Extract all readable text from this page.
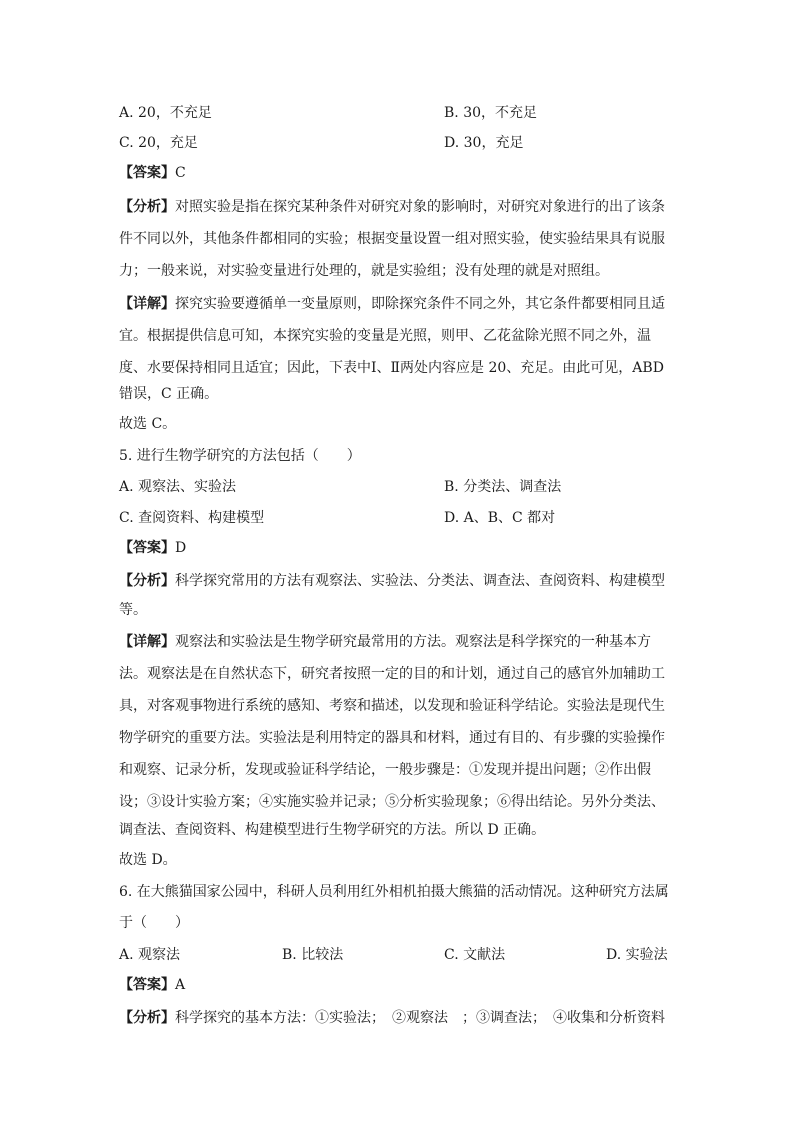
A. 20，不充足	B. 30，不充足
C. 20，充足	D. 30，充足
【答案】C
【分析】对照实验是指在探究某种条件对研究对象的影响时，对研究对象进行的出了该条
件不同以外，其他条件都相同的实验；根据变量设置一组对照实验，使实验结果具有说服
力；一般来说，对实验变量进行处理的，就是实验组；没有处理的就是对照组。
【详解】探究实验要遵循单一变量原则，即除探究条件不同之外，其它条件都要相同且适
宜。根据提供信息可知，本探究实验的变量是光照，则甲、乙花盆除光照不同之外，温
度、水要保持相同且适宜；因此，下表中Ⅰ、Ⅱ两处内容应是 20、充足。由此可见，ABD
错误，C 正确。
故选 C。
5. 进行生物学研究的方法包括（　　）
A. 观察法、实验法	B. 分类法、调查法
C. 查阅资料、构建模型	D. A、B、C 都对
【答案】D
【分析】科学探究常用的方法有观察法、实验法、分类法、调查法、查阅资料、构建模型
等。
【详解】观察法和实验法是生物学研究最常用的方法。观察法是科学探究的一种基本方
法。观察法是在自然状态下，研究者按照一定的目的和计划，通过自己的感官外加辅助工
具，对客观事物进行系统的感知、考察和描述，以发现和验证科学结论。实验法是现代生
物学研究的重要方法。实验法是利用特定的器具和材料，通过有目的、有步骤的实验操作
和观察、记录分析，发现或验证科学结论，一般步骤是：①发现并提出问题；②作出假
设；③设计实验方案；④实施实验并记录；⑤分析实验现象；⑥得出结论。另外分类法、
调查法、查阅资料、构建模型进行生物学研究的方法。所以 D 正确。
故选 D。
6. 在大熊猫国家公园中，科研人员利用红外相机拍摄大熊猫的活动情况。这种研究方法属
于（　　）
A. 观察法	B. 比较法	C. 文献法	D. 实验法
【答案】A
【分析】科学探究的基本方法：①实验法；　②观察法　；③调查法；　④收集和分析资料
